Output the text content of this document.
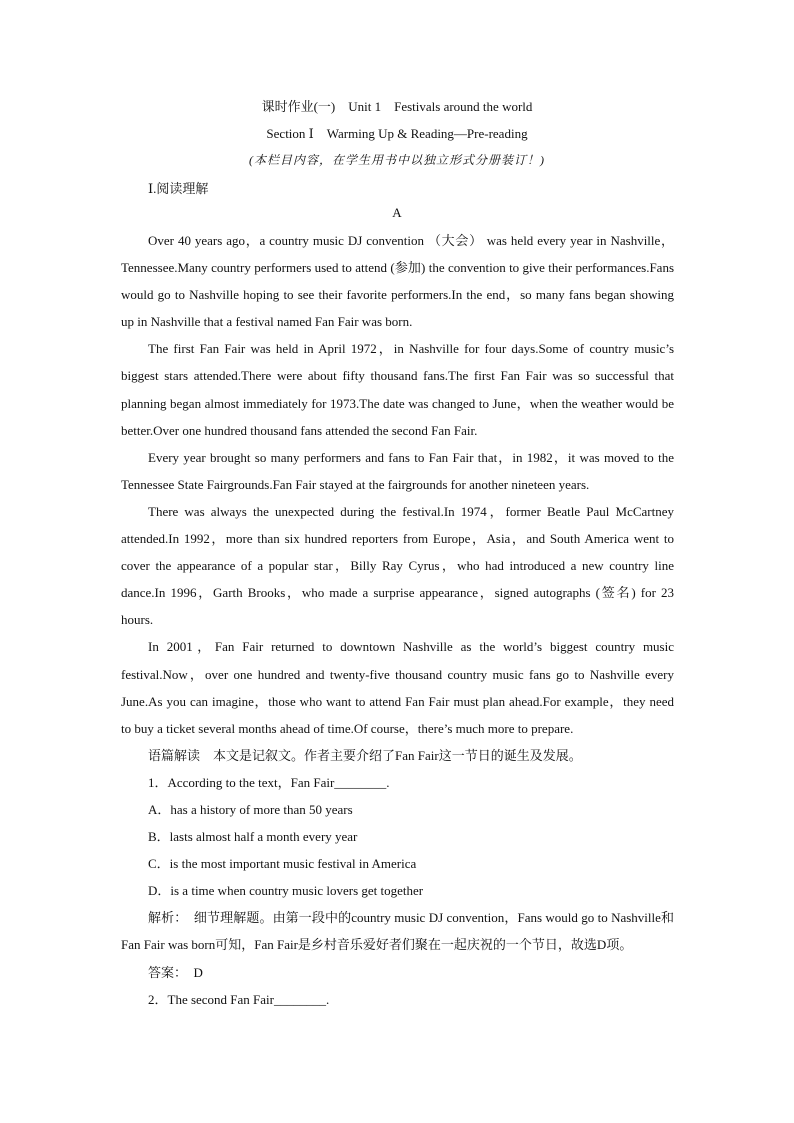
课时作业(一)　Unit 1　Festivals around the world
Section Ⅰ　Warming Up & Reading—Pre-reading
(本栏目内容，在学生用书中以独立形式分册装订！)
Ⅰ.阅读理解
A

Over 40 years ago，a country music DJ convention （大会） was held every year in Nashville，Tennessee.Many country performers used to attend (参加) the convention to give their performances.Fans would go to Nashville hoping to see their favorite performers.In the end，so many fans began showing up in Nashville that a festival named Fan Fair was born.

The first Fan Fair was held in April 1972，in Nashville for four days.Some of country music’s biggest stars attended.There were about fifty thousand fans.The first Fan Fair was so successful that planning began almost immediately for 1973.The date was changed to June，when the weather would be better.Over one hundred thousand fans attended the second Fan Fair.

Every year brought so many performers and fans to Fan Fair that，in 1982，it was moved to the Tennessee State Fairgrounds.Fan Fair stayed at the fairgrounds for another nineteen years.

There was always the unexpected during the festival.In 1974，former Beatle Paul McCartney attended.In 1992，more than six hundred reporters from Europe，Asia，and South America went to cover the appearance of a popular star，Billy Ray Cyrus，who had introduced a new country line dance.In 1996，Garth Brooks，who made a surprise appearance，signed autographs (签名) for 23 hours.

In 2001，Fan Fair returned to downtown Nashville as the world’s biggest country music festival.Now，over one hundred and twenty-five thousand country music fans go to Nashville every June.As you can imagine，those who want to attend Fan Fair must plan ahead.For example，they need to buy a ticket several months ahead of time.Of course，there’s much more to prepare.

语篇解读　本文是记叙文。作者主要介绍了Fan Fair这一节日的诞生及发展。

1．According to the text，Fan Fair________.

A．has a history of more than 50 years

B．lasts almost half a month every year

C．is the most important music festival in America

D．is a time when country music lovers get together

解析：　细节理解题。由第一段中的country music DJ convention，Fans would go to Nashville和Fan Fair was born可知，Fan Fair是乡村音乐爱好者们聚在一起庆祝的一个节日，故选D项。

答案：　D

2．The second Fan Fair________.
